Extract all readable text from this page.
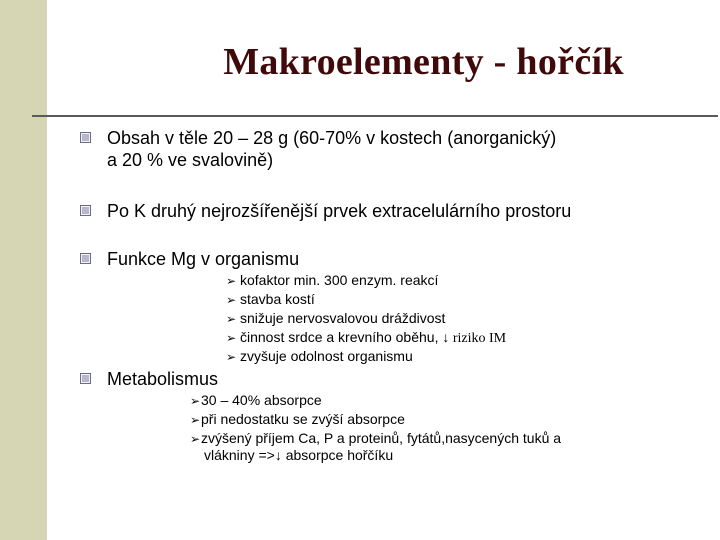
Makroelementy - hořčík
Obsah v těle 20 – 28 g (60-70% v kostech (anorganický)
a 20 % ve svalovině)
Po K druhý nejrozšířenější prvek extracelulárního prostoru
Funkce Mg v organismu
➢ kofaktor min. 300 enzym. reakcí
➢ stavba kostí
➢ snižuje nervosvalovou dráždivost
➢ činnost srdce a krevního oběhu, ↓ riziko IM
➢ zvyšuje odolnost organismu
Metabolismus
➢30 – 40% absorpce
➢při nedostatku se zvýší absorpce
➢zvýšený příjem Ca, P a proteinů, fytátů,nasycených tuků a
vlákniny =>↓ absorpce hořčíku
